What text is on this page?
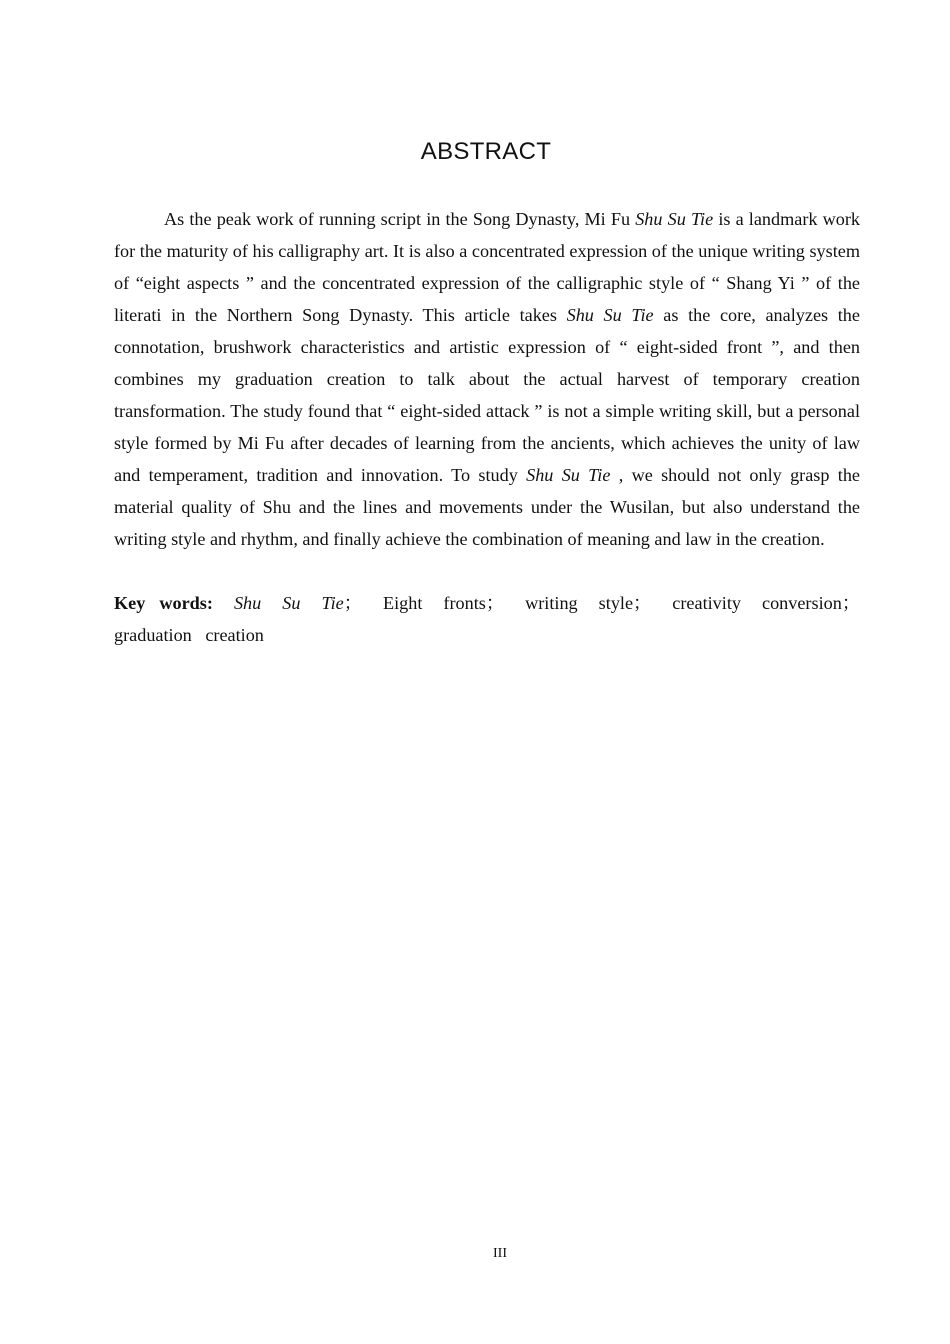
ABSTRACT

As the peak work of running script in the Song Dynasty, Mi Fu Shu Su Tie is a landmark work for the maturity of his calligraphy art. It is also a concentrated expression of the unique writing system of “eight aspects ” and the concentrated expression of the calligraphic style of “ Shang Yi ” of the literati in the Northern Song Dynasty. This article takes Shu Su Tie as the core, analyzes the connotation, brushwork characteristics and artistic expression of “ eight-sided front ”, and then combines my graduation creation to talk about the actual harvest of temporary creation transformation. The study found that “ eight-sided attack ” is not a simple writing skill, but a personal style formed by Mi Fu after decades of learning from the ancients, which achieves the unity of law and temperament, tradition and innovation. To study Shu Su Tie , we should not only grasp the material quality of Shu and the lines and movements under the Wusilan, but also understand the writing style and rhythm, and finally achieve the combination of meaning and law in the creation.

Key words: Shu Su Tie； Eight fronts； writing style； creativity conversion； graduation creation

III
